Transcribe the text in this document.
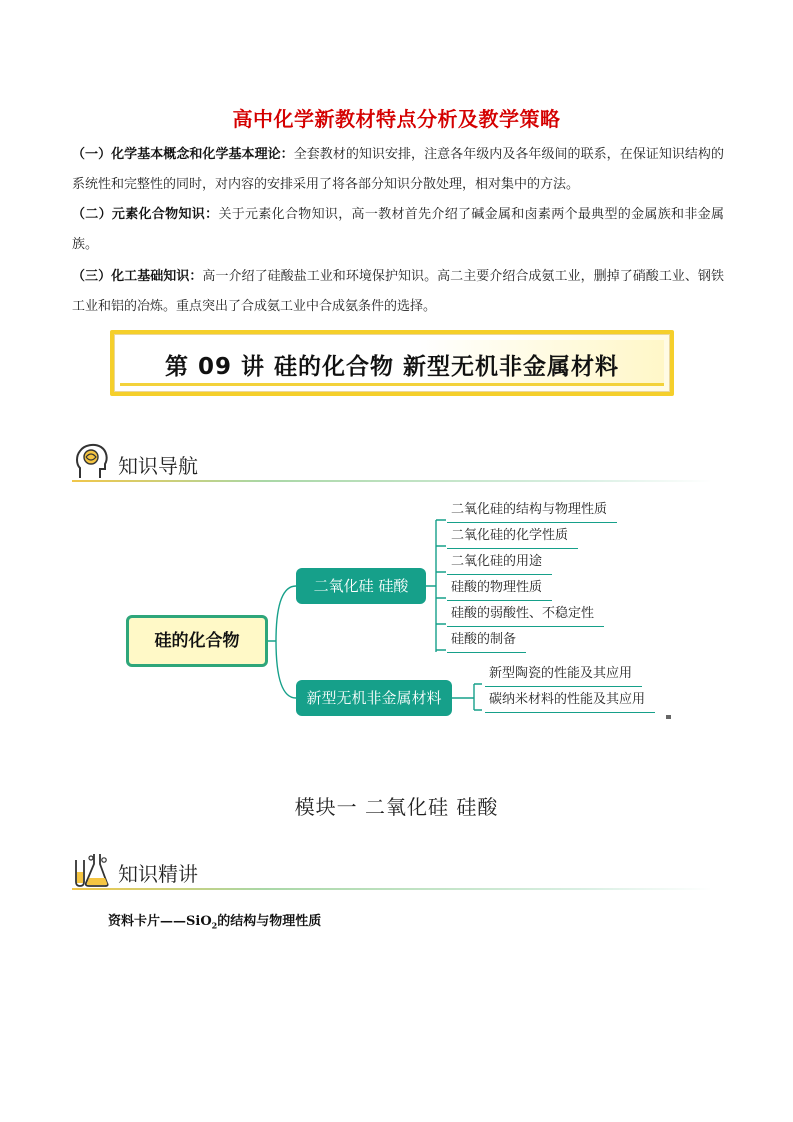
高中化学新教材特点分析及教学策略
（一）化学基本概念和化学基本理论：全套教材的知识安排，注意各年级内及各年级间的联系，在保证知识结构的系统性和完整性的同时，对内容的安排采用了将各部分知识分散处理，相对集中的方法。
（二）元素化合物知识：关于元素化合物知识，高一教材首先介绍了碱金属和卤素两个最典型的金属族和非金属族。
（三）化工基础知识：高一介绍了硅酸盐工业和环境保护知识。高二主要介绍合成氨工业，删掉了硝酸工业、钢铁工业和铝的冶炼。重点突出了合成氨工业中合成氨条件的选择。
第 09 讲 硅的化合物 新型无机非金属材料
知识导航
硅的化合物
二氧化硅 硅酸
新型无机非金属材料
二氧化硅的结构与物理性质
二氧化硅的化学性质
二氧化硅的用途
硅酸的物理性质
硅酸的弱酸性、不稳定性
硅酸的制备
新型陶瓷的性能及其应用
碳纳米材料的性能及其应用
模块一 二氧化硅 硅酸
知识精讲
资料卡片——SiO$_2$的结构与物理性质
